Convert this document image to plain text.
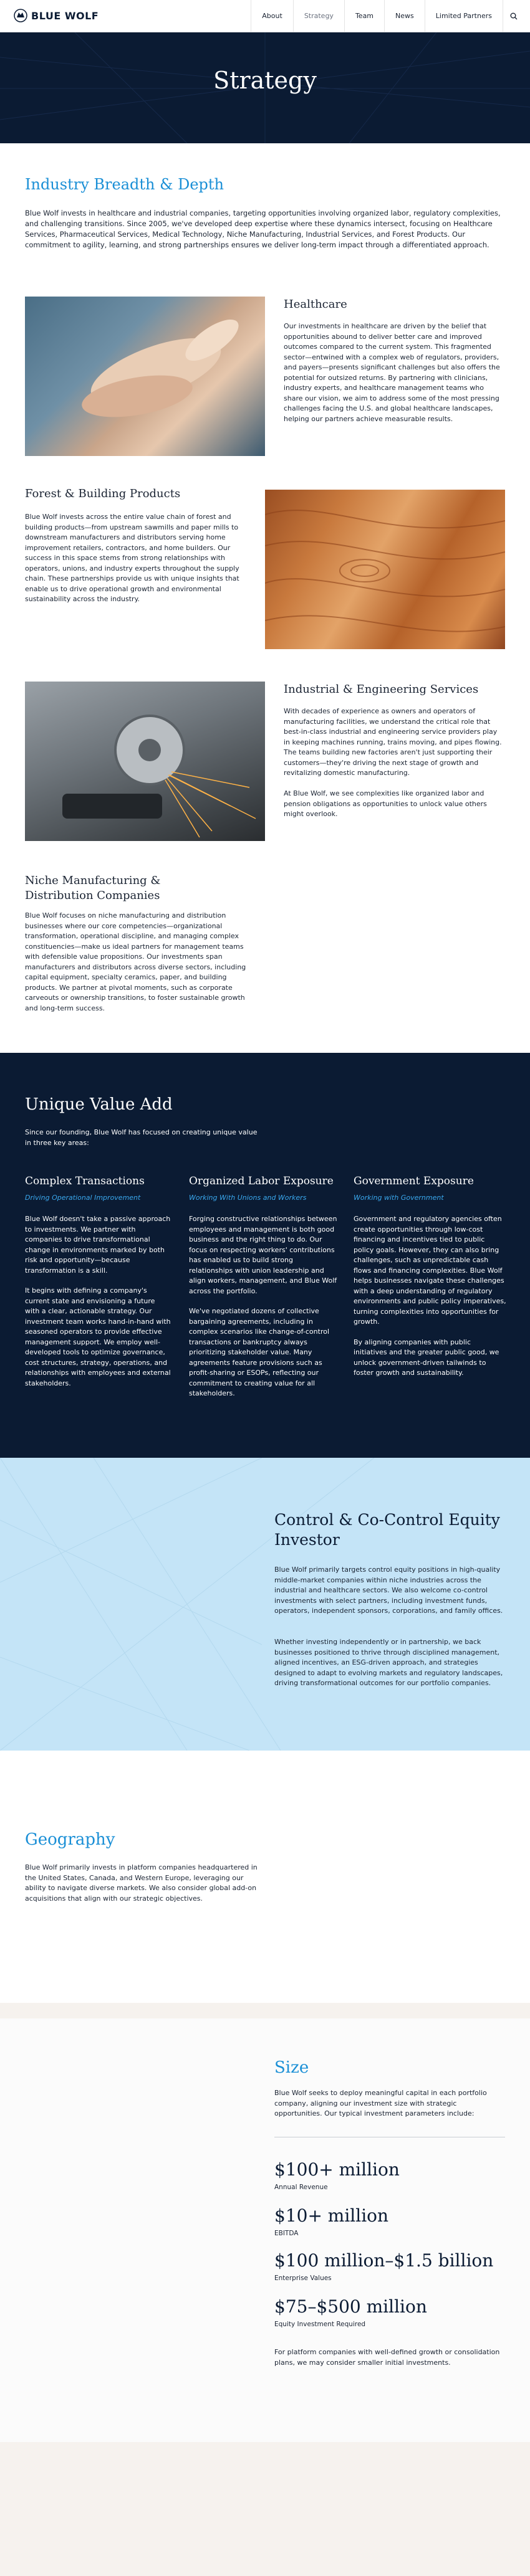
BLUE WOLF	About	Strategy	Team	News	Limited Partners
Strategy
Industry Breadth & Depth

Blue Wolf invests in healthcare and industrial companies, targeting opportunities involving organized labor, regulatory complexities, and challenging transitions. Since 2005, we've developed deep expertise where these dynamics intersect, focusing on Healthcare Services, Pharmaceutical Services, Medical Technology, Niche Manufacturing, Industrial Services, and Forest Products. Our commitment to agility, learning, and strong partnerships ensures we deliver long-term impact through a differentiated approach.

Healthcare

Our investments in healthcare are driven by the belief that opportunities abound to deliver better care and improved outcomes compared to the current system. This fragmented sector—entwined with a complex web of regulators, providers, and payers—presents significant challenges but also offers the potential for outsized returns. By partnering with clinicians, industry experts, and healthcare management teams who share our vision, we aim to address some of the most pressing challenges facing the U.S. and global healthcare landscapes, helping our partners achieve measurable results.

Forest & Building Products

Blue Wolf invests across the entire value chain of forest and building products—from upstream sawmills and paper mills to downstream manufacturers and distributors serving home improvement retailers, contractors, and home builders. Our success in this space stems from strong relationships with operators, unions, and industry experts throughout the supply chain. These partnerships provide us with unique insights that enable us to drive operational growth and environmental sustainability across the industry.

Industrial & Engineering Services

With decades of experience as owners and operators of manufacturing facilities, we understand the critical role that best-in-class industrial and engineering service providers play in keeping machines running, trains moving, and pipes flowing. The teams building new factories aren't just supporting their customers—they're driving the next stage of growth and revitalizing domestic manufacturing.

At Blue Wolf, we see complexities like organized labor and pension obligations as opportunities to unlock value others might overlook.

Niche Manufacturing & Distribution Companies

Blue Wolf focuses on niche manufacturing and distribution businesses where our core competencies—organizational transformation, operational discipline, and managing complex constituencies—make us ideal partners for management teams with defensible value propositions. Our investments span manufacturers and distributors across diverse sectors, including capital equipment, specialty ceramics, paper, and building products. We partner at pivotal moments, such as corporate carveouts or ownership transitions, to foster sustainable growth and long-term success.

Unique Value Add

Since our founding, Blue Wolf has focused on creating unique value in three key areas:

Complex Transactions
Driving Operational Improvement

Blue Wolf doesn't take a passive approach to investments. We partner with companies to drive transformational change in environments marked by both risk and opportunity—because transformation is a skill.

It begins with defining a company's current state and envisioning a future with a clear, actionable strategy. Our investment team works hand-in-hand with seasoned operators to provide effective management support. We employ well-developed tools to optimize governance, cost structures, strategy, operations, and relationships with employees and external stakeholders.

Organized Labor Exposure
Working With Unions and Workers

Forging constructive relationships between employees and management is both good business and the right thing to do. Our focus on respecting workers' contributions has enabled us to build strong relationships with union leadership and align workers, management, and Blue Wolf across the portfolio.

We've negotiated dozens of collective bargaining agreements, including in complex scenarios like change-of-control transactions or bankruptcy always prioritizing stakeholder value. Many agreements feature provisions such as profit-sharing or ESOPs, reflecting our commitment to creating value for all stakeholders.

Government Exposure
Working with Government

Government and regulatory agencies often create opportunities through low-cost financing and incentives tied to public policy goals. However, they can also bring challenges, such as unpredictable cash flows and financing complexities. Blue Wolf helps businesses navigate these challenges with a deep understanding of regulatory environments and public policy imperatives, turning complexities into opportunities for growth.

By aligning companies with public initiatives and the greater public good, we unlock government-driven tailwinds to foster growth and sustainability.

Control & Co-Control Equity Investor

Blue Wolf primarily targets control equity positions in high-quality middle-market companies within niche industries across the industrial and healthcare sectors. We also welcome co-control investments with select partners, including investment funds, operators, independent sponsors, corporations, and family offices.

Whether investing independently or in partnership, we back businesses positioned to thrive through disciplined management, aligned incentives, an ESG-driven approach, and strategies designed to adapt to evolving markets and regulatory landscapes, driving transformational outcomes for our portfolio companies.

Geography

Blue Wolf primarily invests in platform companies headquartered in the United States, Canada, and Western Europe, leveraging our ability to navigate diverse markets. We also consider global add-on acquisitions that align with our strategic objectives.

Size

Blue Wolf seeks to deploy meaningful capital in each portfolio company, aligning our investment size with strategic opportunities. Our typical investment parameters include:

$100+ million
Annual Revenue
$10+ million
EBITDA
$100 million–$1.5 billion
Enterprise Values
$75–$500 million
Equity Investment Required

For platform companies with well-defined growth or consolidation plans, we may consider smaller initial investments.
